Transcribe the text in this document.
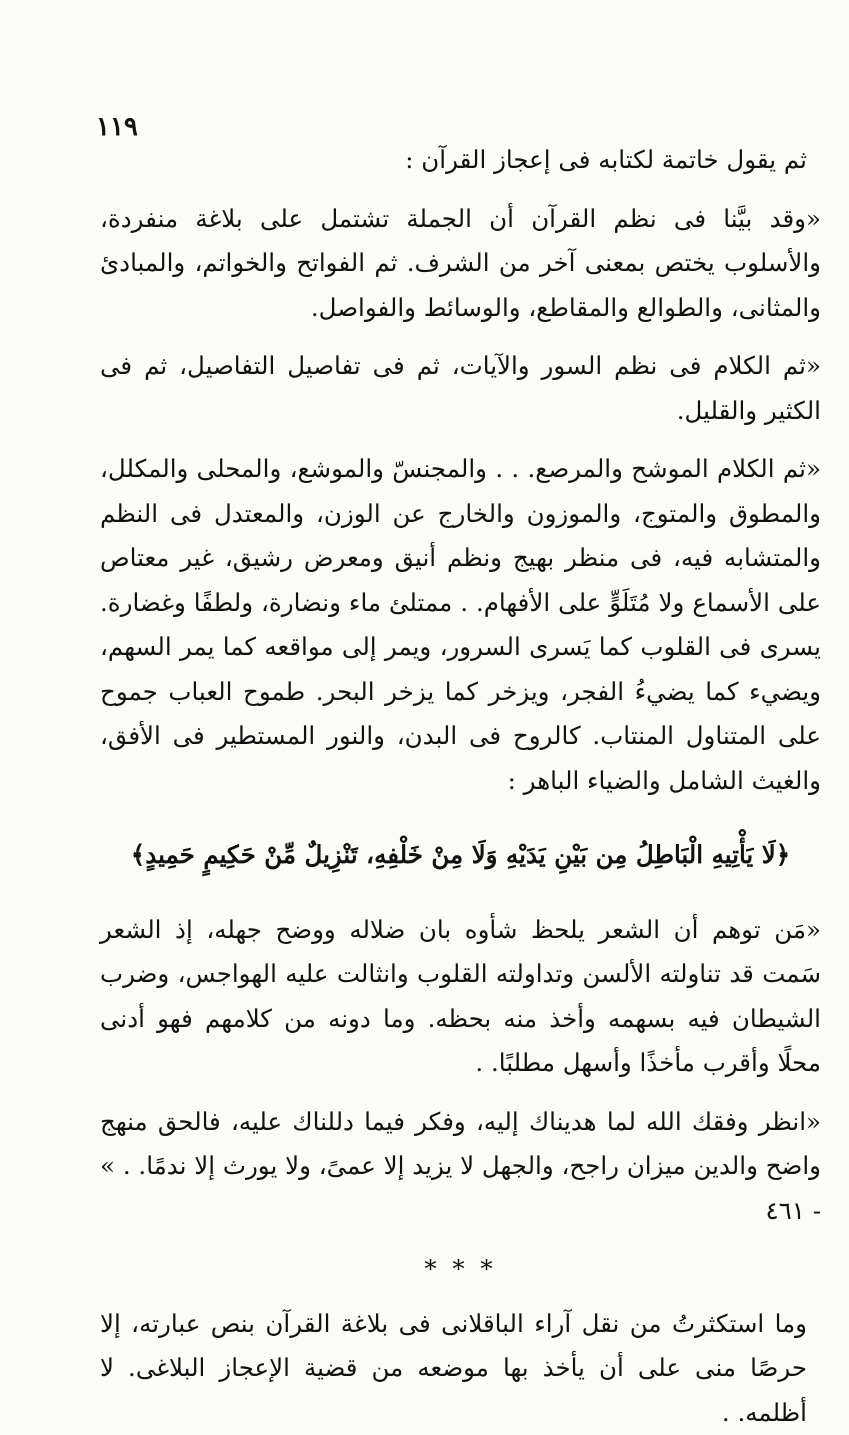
١١٩

ثم يقول خاتمة لكتابه فى إعجاز القرآن :

«وقد بيَّنا فى نظم القرآن أن الجملة تشتمل على بلاغة منفردة، والأسلوب يختص بمعنى آخر من الشرف. ثم الفواتح والخواتم، والمبادئ والمثانى، والطوالع والمقاطع، والوسائط والفواصل.

«ثم الكلام فى نظم السور والآيات، ثم فى تفاصيل التفاصيل، ثم فى الكثير والقليل.

«ثم الكلام الموشح والمرصع. . . والمجنسّ والموشع، والمحلى والمكلل، والمطوق والمتوج، والموزون والخارج عن الوزن، والمعتدل فى النظم والمتشابه فيه، فى منظر بهيج ونظم أنيق ومعرض رشيق، غير معتاص على الأسماع ولا مُتَلَوٍّ على الأفهام. . ممتلئ ماء ونضارة، ولطفًا وغضارة. يسرى فى القلوب كما يَسرى السرور، ويمر إلى مواقعه كما يمر السهم، ويضيء كما يضيءُ الفجر، ويزخر كما يزخر البحر. طموح العباب جموح على المتناول المنتاب. كالروح فى البدن، والنور المستطير فى الأفق، والغيث الشامل والضياء الباهر :

﴿لَا يَأْتِيهِ الْبَاطِلُ مِن بَيْنِ يَدَيْهِ وَلَا مِنْ خَلْفِهِ، تَنْزِيلٌ مِّنْ حَكِيمٍ حَمِيدٍ﴾

«مَن توهم أن الشعر يلحظ شأوه بان ضلاله ووضح جهله، إذ الشعر سَمت قد تناولته الألسن وتداولته القلوب وانثالت عليه الهواجس، وضرب الشيطان فيه بسهمه وأخذ منه بحظه. وما دونه من كلامهم فهو أدنى محلًا وأقرب مأخذًا وأسهل مطلبًا. .

«انظر وفقك الله لما هديناك إليه، وفكر فيما دللناك عليه، فالحق منهج واضح والدين ميزان راجح، والجهل لا يزيد إلا عمىً، ولا يورث إلا ندمًا. . » - ٤٦١

* * *

وما استكثرتُ من نقل آراء الباقلانى فى بلاغة القرآن بنص عبارته، إلا حرصًا منى على أن يأخذ بها موضعه من قضية الإعجاز البلاغى. لا أظلمه. .
